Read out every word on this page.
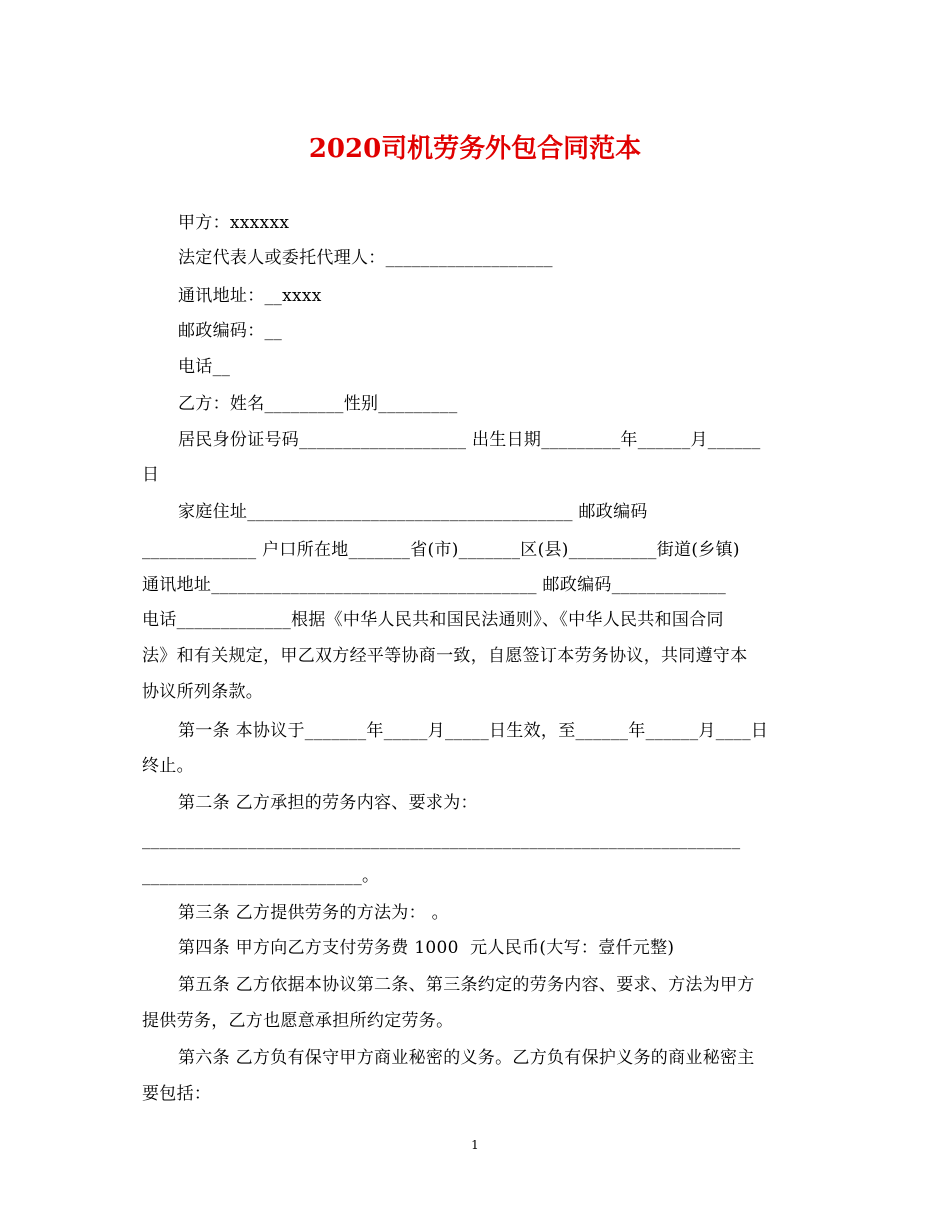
2020司机劳务外包合同范本
甲方：xxxxxx
法定代表人或委托代理人：___________________
通讯地址：__xxxx
邮政编码：__
电话__
乙方：姓名_________性别_________
居民身份证号码___________________ 出生日期_________年______月______
日
家庭住址_____________________________________ 邮政编码
_____________ 户口所在地_______省(市)_______区(县)__________街道(乡镇)
通讯地址_____________________________________ 邮政编码_____________
电话_____________根据《中华人民共和国民法通则》、《中华人民共和国合同
法》和有关规定，甲乙双方经平等协商一致，自愿签订本劳务协议，共同遵守本
协议所列条款。
第一条 本协议于_______年_____月_____日生效，至______年______月____日
终止。
第二条 乙方承担的劳务内容、要求为：
____________________________________________________________________
_________________________。
第三条 乙方提供劳务的方法为： 。
第四条 甲方向乙方支付劳务费 1000  元人民币(大写：壹仟元整)
第五条 乙方依据本协议第二条、第三条约定的劳务内容、要求、方法为甲方
提供劳务，乙方也愿意承担所约定劳务。
第六条 乙方负有保守甲方商业秘密的义务。乙方负有保护义务的商业秘密主
要包括：
1
